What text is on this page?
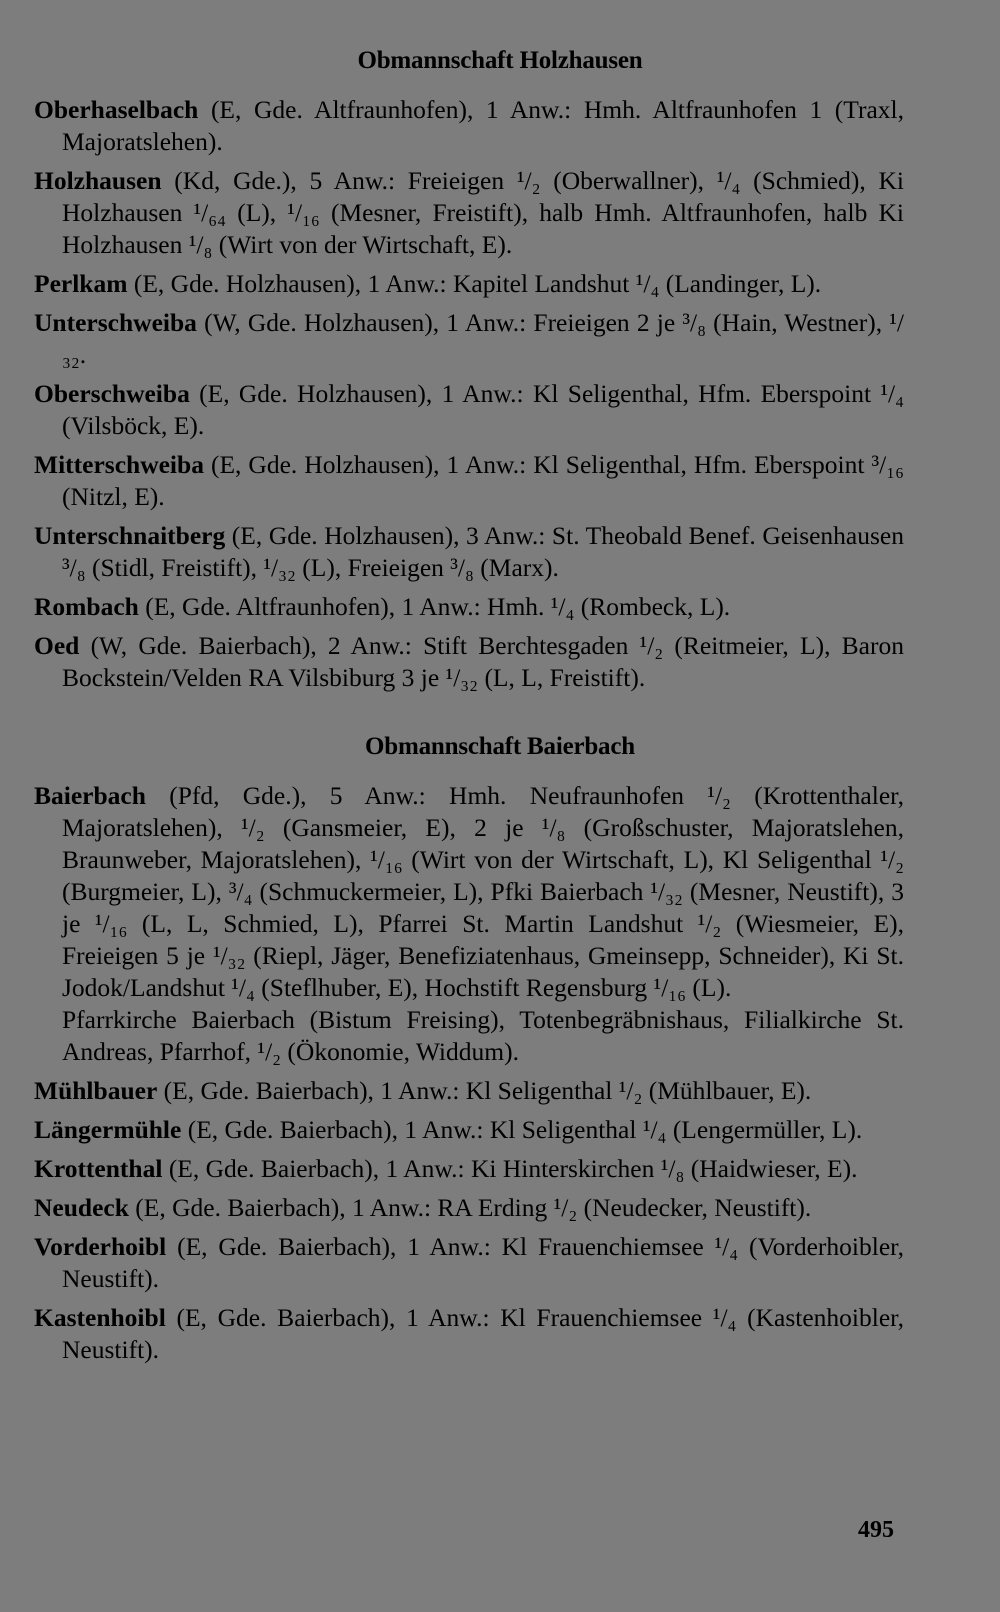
Obmannschaft Holzhausen
Oberhaselbach (E, Gde. Altfraunhofen), 1 Anw.: Hmh. Altfraunhofen 1 (Traxl, Majoratslehen).
Holzhausen (Kd, Gde.), 5 Anw.: Freieigen ¹/₂ (Oberwallner), ¹/₄ (Schmied), Ki Holzhausen ¹/₆₄ (L), ¹/₁₆ (Mesner, Freistift), halb Hmh. Altfraunhofen, halb Ki Holzhausen ¹/₈ (Wirt von der Wirtschaft, E).
Perlkam (E, Gde. Holzhausen), 1 Anw.: Kapitel Landshut ¹/₄ (Landinger, L).
Unterschweiba (W, Gde. Holzhausen), 1 Anw.: Freieigen 2 je ³/₈ (Hain, Westner), ¹/₃₂.
Oberschweiba (E, Gde. Holzhausen), 1 Anw.: Kl Seligenthal, Hfm. Eberspoint ¹/₄ (Vilsböck, E).
Mitterschweiba (E, Gde. Holzhausen), 1 Anw.: Kl Seligenthal, Hfm. Eberspoint ³/₁₆ (Nitzl, E).
Unterschnaitberg (E, Gde. Holzhausen), 3 Anw.: St. Theobald Benef. Geisenhausen ³/₈ (Stidl, Freistift), ¹/₃₂ (L), Freieigen ³/₈ (Marx).
Rombach (E, Gde. Altfraunhofen), 1 Anw.: Hmh. ¹/₄ (Rombeck, L).
Oed (W, Gde. Baierbach), 2 Anw.: Stift Berchtesgaden ¹/₂ (Reitmeier, L), Baron Bockstein/Velden RA Vilsbiburg 3 je ¹/₃₂ (L, L, Freistift).
Obmannschaft Baierbach
Baierbach (Pfd, Gde.), 5 Anw.: Hmh. Neufraunhofen ¹/₂ (Krottenthaler, Majoratslehen), ¹/₂ (Gansmeier, E), 2 je ¹/₈ (Großschuster, Majoratslehen, Braunweber, Majoratslehen), ¹/₁₆ (Wirt von der Wirtschaft, L), Kl Seligenthal ¹/₂ (Burgmeier, L), ³/₄ (Schmuckermeier, L), Pfki Baierbach ¹/₃₂ (Mesner, Neustift), 3 je ¹/₁₆ (L, L, Schmied, L), Pfarrei St. Martin Landshut ¹/₂ (Wiesmeier, E), Freieigen 5 je ¹/₃₂ (Riepl, Jäger, Benefiziatenhaus, Gmeinsepp, Schneider), Ki St. Jodok/Landshut ¹/₄ (Steflhuber, E), Hochstift Regensburg ¹/₁₆ (L).
Pfarrkirche Baierbach (Bistum Freising), Totenbegräbnishaus, Filialkirche St. Andreas, Pfarrhof, ¹/₂ (Ökonomie, Widdum).
Mühlbauer (E, Gde. Baierbach), 1 Anw.: Kl Seligenthal ¹/₂ (Mühlbauer, E).
Längermühle (E, Gde. Baierbach), 1 Anw.: Kl Seligenthal ¹/₄ (Lengermüller, L).
Krottenthal (E, Gde. Baierbach), 1 Anw.: Ki Hinterskirchen ¹/₈ (Haidwieser, E).
Neudeck (E, Gde. Baierbach), 1 Anw.: RA Erding ¹/₂ (Neudecker, Neustift).
Vorderhoibl (E, Gde. Baierbach), 1 Anw.: Kl Frauenchiemsee ¹/₄ (Vorderhoibler, Neustift).
Kastenhoibl (E, Gde. Baierbach), 1 Anw.: Kl Frauenchiemsee ¹/₄ (Kastenhoibler, Neustift).
495
